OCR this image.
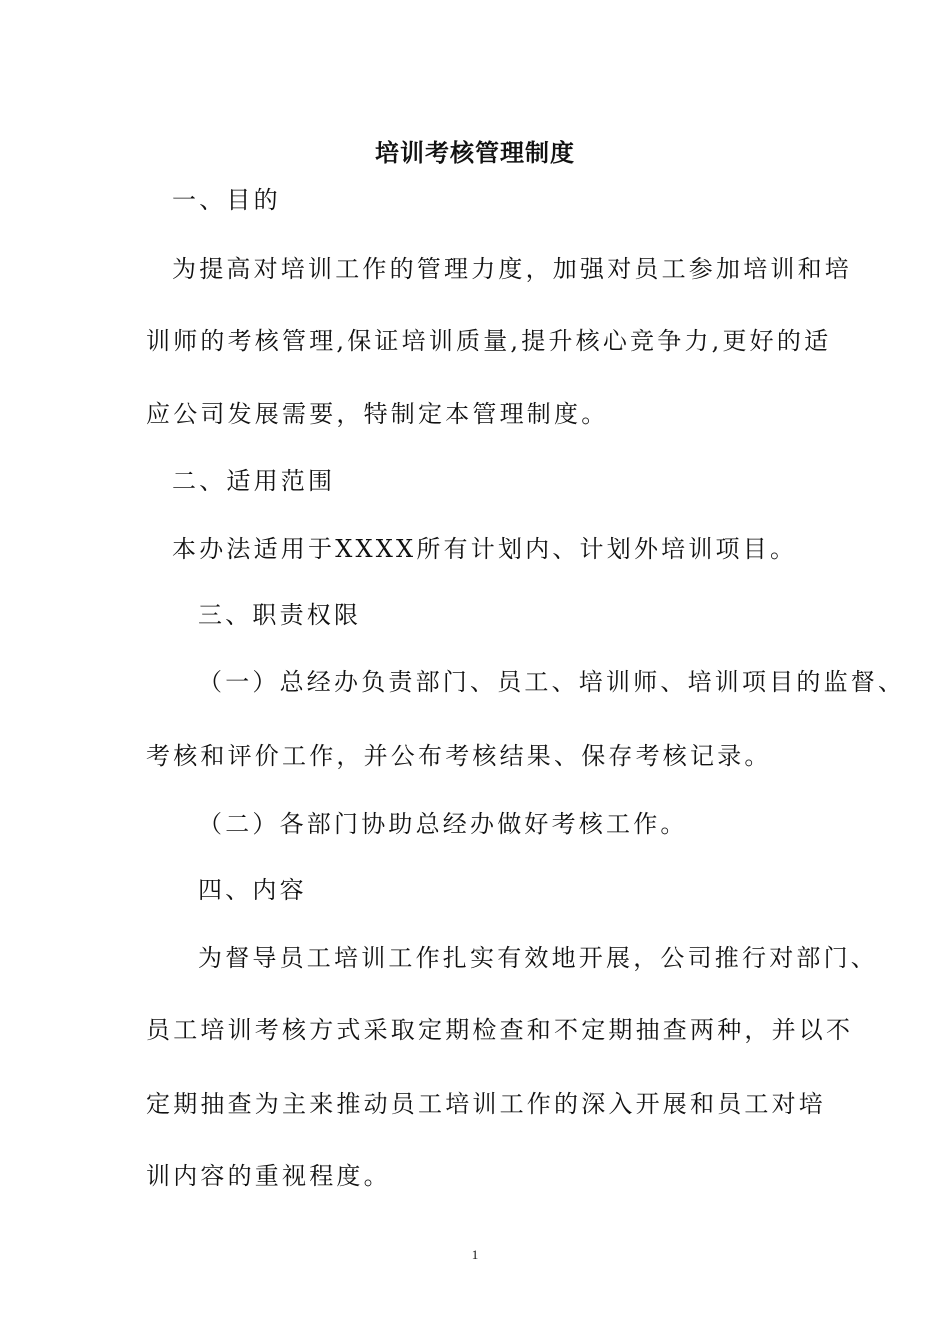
培训考核管理制度
一、目的
为提高对培训工作的管理力度，加强对员工参加培训和培
训师的考核管理,保证培训质量,提升核心竞争力,更好的适
应公司发展需要，特制定本管理制度。
二、适用范围
本办法适用于XXXX所有计划内、计划外培训项目。
三、职责权限
（一）总经办负责部门、员工、培训师、培训项目的监督、
考核和评价工作，并公布考核结果、保存考核记录。
（二）各部门协助总经办做好考核工作。
四、内容
为督导员工培训工作扎实有效地开展，公司推行对部门、
员工培训考核方式采取定期检查和不定期抽查两种，并以不
定期抽查为主来推动员工培训工作的深入开展和员工对培
训内容的重视程度。
1
